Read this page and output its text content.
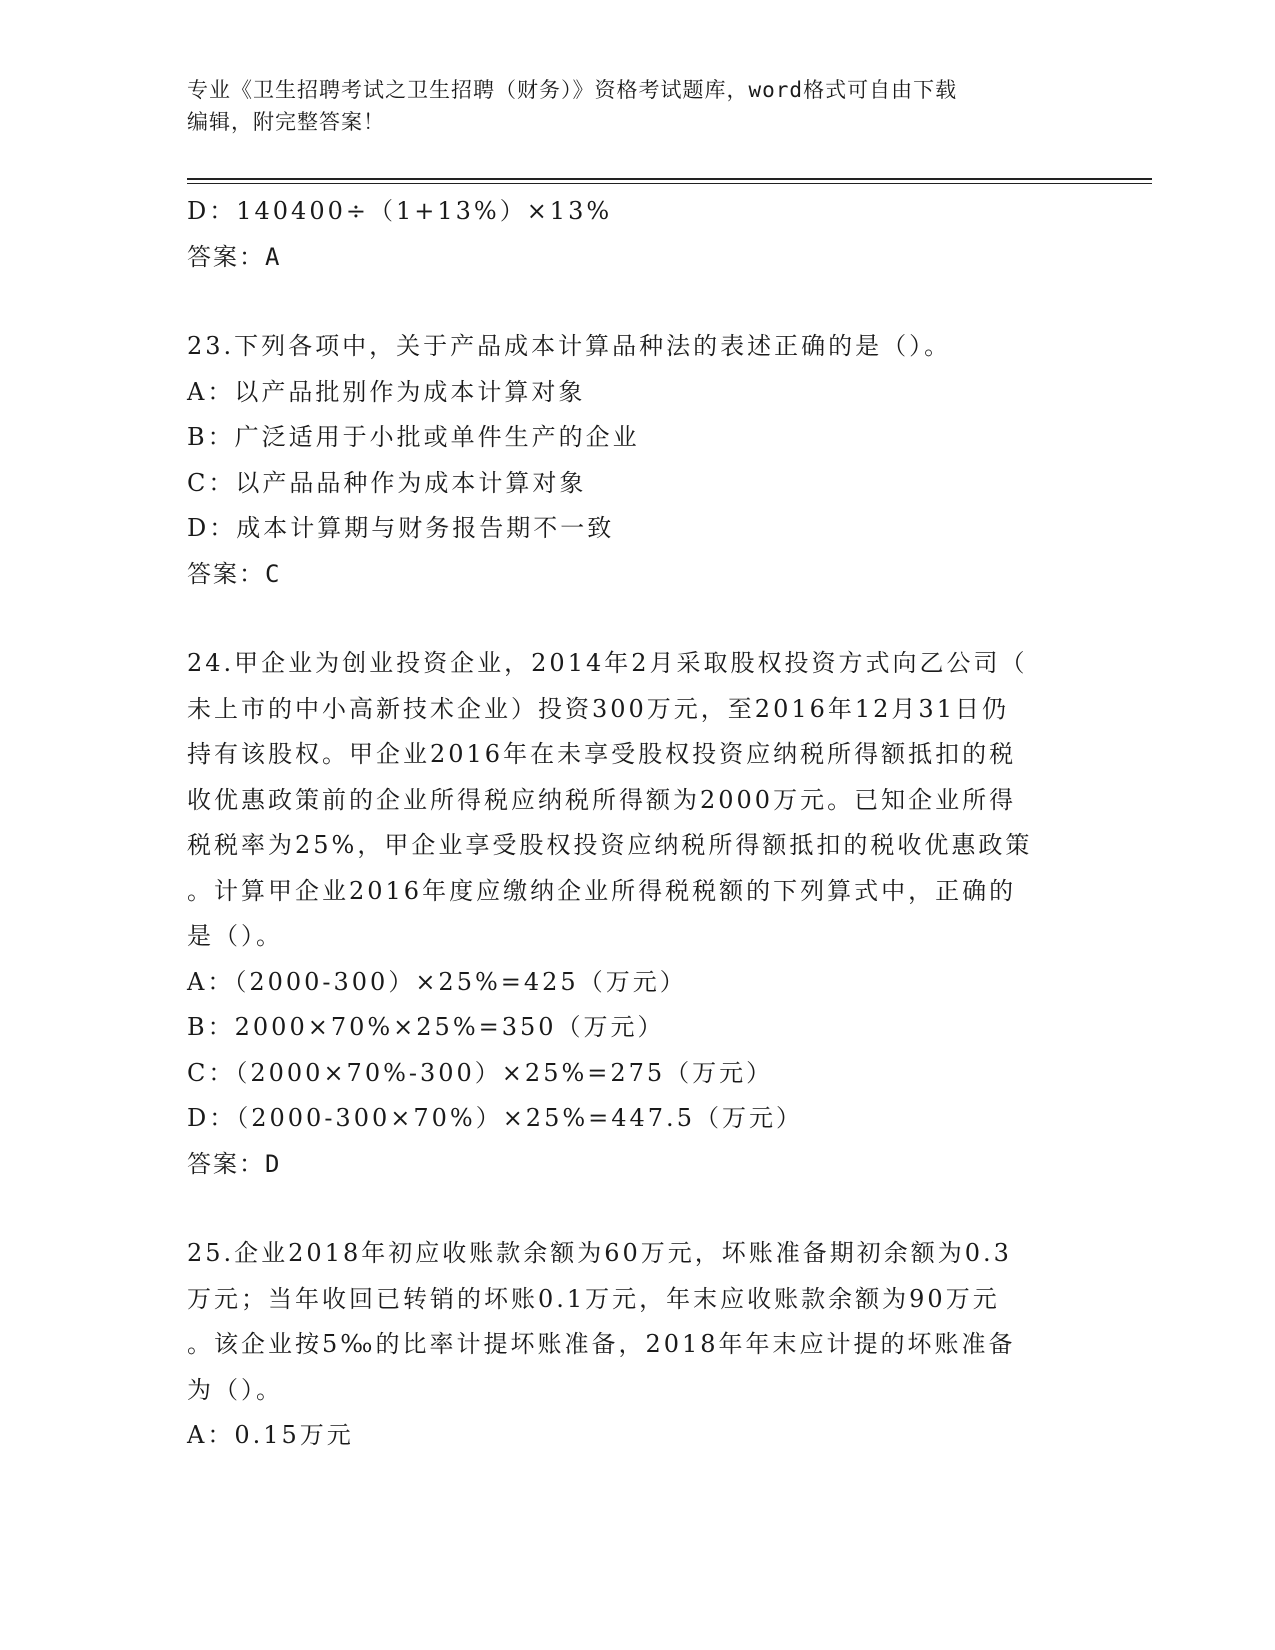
专业《卫生招聘考试之卫生招聘（财务）》资格考试题库，word格式可自由下载
编辑，附完整答案！
D：140400÷（1+13%）×13%
答案：A
23.下列各项中，关于产品成本计算品种法的表述正确的是（）。
A：以产品批别作为成本计算对象
B：广泛适用于小批或单件生产的企业
C：以产品品种作为成本计算对象
D：成本计算期与财务报告期不一致
答案：C
24.甲企业为创业投资企业，2014年2月采取股权投资方式向乙公司（
未上市的中小高新技术企业）投资300万元，至2016年12月31日仍
持有该股权。甲企业2016年在未享受股权投资应纳税所得额抵扣的税
收优惠政策前的企业所得税应纳税所得额为2000万元。已知企业所得
税税率为25%，甲企业享受股权投资应纳税所得额抵扣的税收优惠政策
。计算甲企业2016年度应缴纳企业所得税税额的下列算式中，正确的
是（）。
A：（2000-300）×25%=425（万元）
B：2000×70%×25%=350（万元）
C：（2000×70%-300）×25%=275（万元）
D：（2000-300×70%）×25%=447.5（万元）
答案：D
25.企业2018年初应收账款余额为60万元，坏账准备期初余额为0.3
万元；当年收回已转销的坏账0.1万元，年末应收账款余额为90万元
。该企业按5‰的比率计提坏账准备，2018年年末应计提的坏账准备
为（）。
A：0.15万元
